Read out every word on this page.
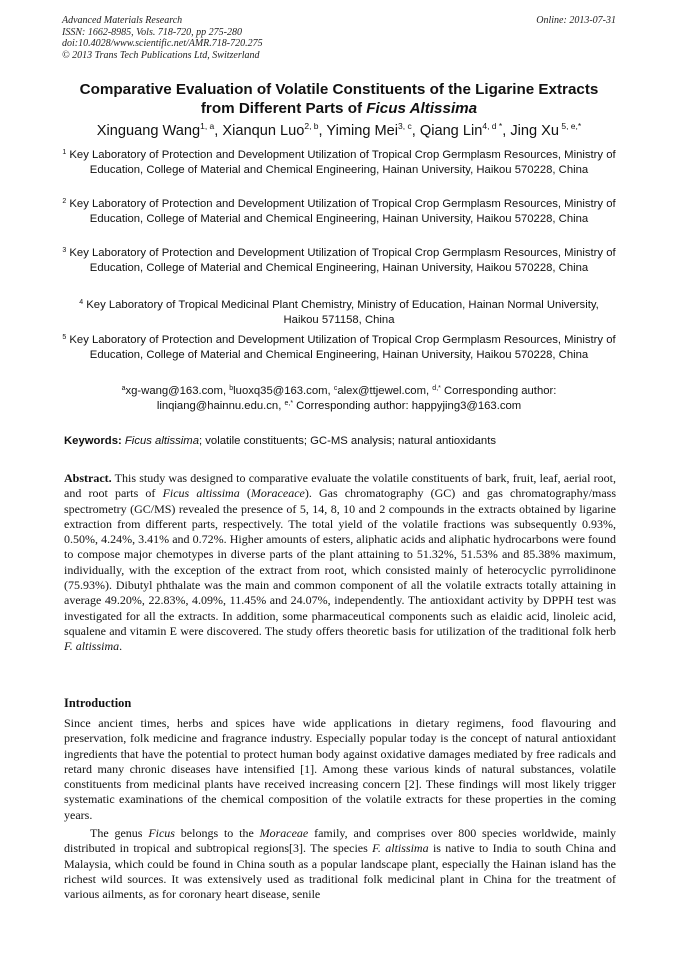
Advanced Materials Research
ISSN: 1662-8985, Vols. 718-720, pp 275-280
doi:10.4028/www.scientific.net/AMR.718-720.275
© 2013 Trans Tech Publications Ltd, Switzerland
Online: 2013-07-31
Comparative Evaluation of Volatile Constituents of the Ligarine Extracts
from Different Parts of Ficus Altissima
Xinguang Wang$^{1, a}$, Xianqun Luo$^{2, b}$, Yiming Mei$^{3, c}$, Qiang Lin$^{4, d *}$, Jing Xu $^{5, e,*}$
$^1$ Key Laboratory of Protection and Development Utilization of Tropical Crop Germplasm Resources, Ministry of Education, College of Material and Chemical Engineering, Hainan University, Haikou 570228, China
$^2$ Key Laboratory of Protection and Development Utilization of Tropical Crop Germplasm Resources, Ministry of Education, College of Material and Chemical Engineering, Hainan University, Haikou 570228, China
$^3$ Key Laboratory of Protection and Development Utilization of Tropical Crop Germplasm Resources, Ministry of Education, College of Material and Chemical Engineering, Hainan University, Haikou 570228, China
$^4$ Key Laboratory of Tropical Medicinal Plant Chemistry, Ministry of Education, Hainan Normal University, Haikou 571158, China
$^5$ Key Laboratory of Protection and Development Utilization of Tropical Crop Germplasm Resources, Ministry of Education, College of Material and Chemical Engineering, Hainan University, Haikou 570228, China
$^a$xg-wang@163.com, $^b$luoxq35@163.com, $^c$alex@ttjewel.com, $^{d,*}$ Corresponding author: linqiang@hainnu.edu.cn, $^{e,*}$ Corresponding author: happyjing3@163.com
Keywords: Ficus altissima; volatile constituents; GC-MS analysis; natural antioxidants
Abstract. This study was designed to comparative evaluate the volatile constituents of bark, fruit, leaf, aerial root, and root parts of Ficus altissima (Moraceace). Gas chromatography (GC) and gas chromatography/mass spectrometry (GC/MS) revealed the presence of 5, 14, 8, 10 and 2 compounds in the extracts obtained by ligarine extraction from different parts, respectively. The total yield of the volatile fractions was subsequently 0.93%, 0.50%, 4.24%, 3.41% and 0.72%. Higher amounts of esters, aliphatic acids and aliphatic hydrocarbons were found to compose major chemotypes in diverse parts of the plant attaining to 51.32%, 51.53% and 85.38% maximum, individually, with the exception of the extract from root, which consisted mainly of heterocyclic pyrrolidinone (75.93%). Dibutyl phthalate was the main and common component of all the volatile extracts totally attaining in average 49.20%, 22.83%, 4.09%, 11.45% and 24.07%, independently. The antioxidant activity by DPPH test was investigated for all the extracts. In addition, some pharmaceutical components such as elaidic acid, linoleic acid, squalene and vitamin E were discovered. The study offers theoretic basis for utilization of the traditional folk herb F. altissima.
Introduction
Since ancient times, herbs and spices have wide applications in dietary regimens, food flavouring and preservation, folk medicine and fragrance industry. Especially popular today is the concept of natural antioxidant ingredients that have the potential to protect human body against oxidative damages mediated by free radicals and retard many chronic diseases have intensified [1]. Among these various kinds of natural substances, volatile constituents from medicinal plants have received increasing concern [2]. These findings will most likely trigger systematic examinations of the chemical composition of the volatile extracts for these properties in the coming years.
The genus Ficus belongs to the Moraceae family, and comprises over 800 species worldwide, mainly distributed in tropical and subtropical regions[3]. The species F. altissima is native to India to south China and Malaysia, which could be found in China south as a popular landscape plant, especially the Hainan island has the richest wild sources. It was extensively used as traditional folk medicinal plant in China for the treatment of various ailments, as for coronary heart disease, senile
